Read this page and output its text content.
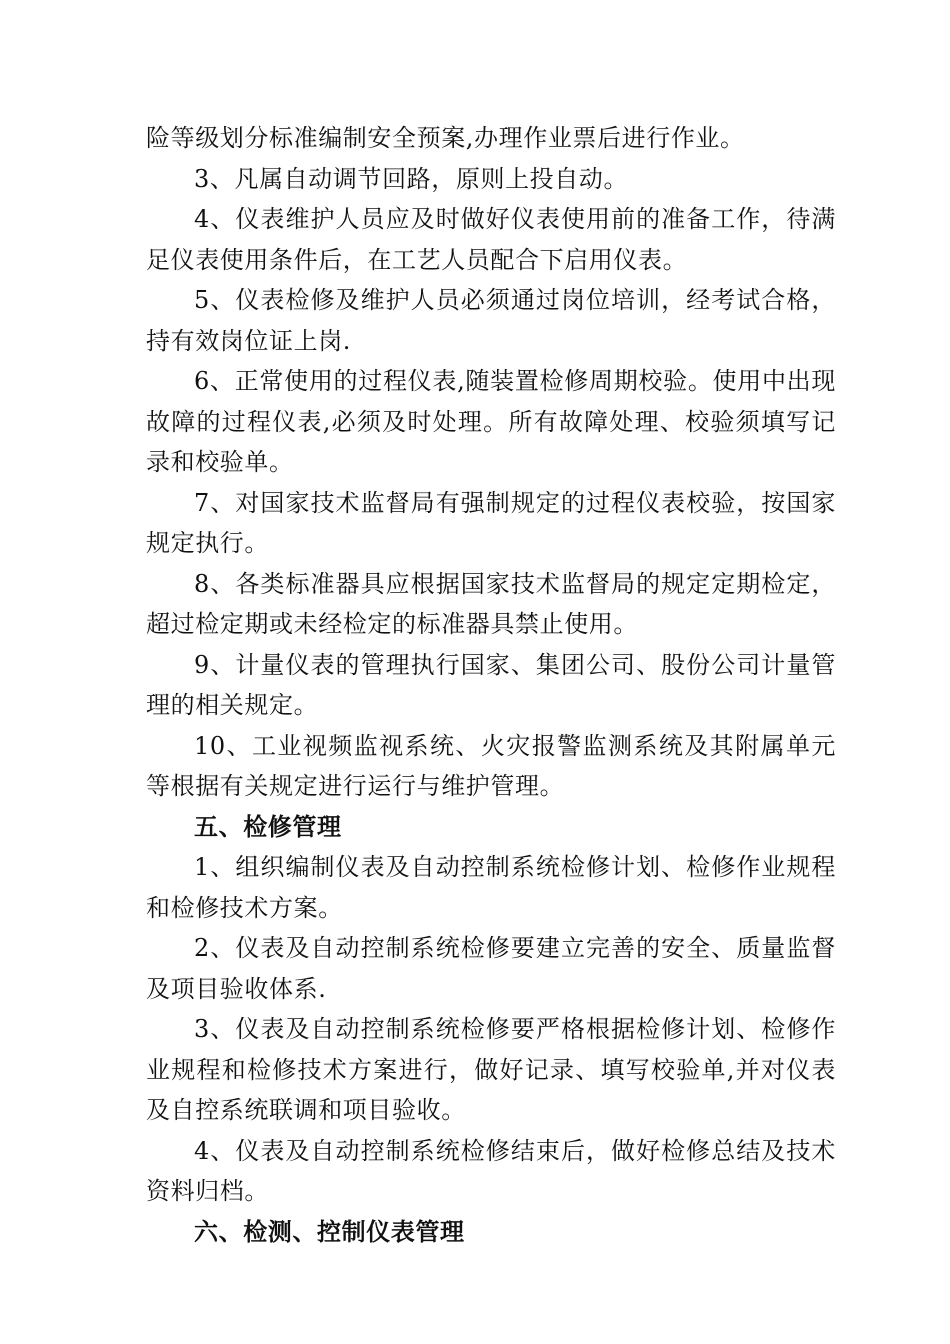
险等级划分标准编制安全预案,办理作业票后进行作业。

3、凡属自动调节回路，原则上投自动。

4、仪表维护人员应及时做好仪表使用前的准备工作，待满足仪表使用条件后，在工艺人员配合下启用仪表。

5、仪表检修及维护人员必须通过岗位培训，经考试合格，持有效岗位证上岗.

6、正常使用的过程仪表,随装置检修周期校验。使用中出现故障的过程仪表,必须及时处理。所有故障处理、校验须填写记录和校验单。

7、对国家技术监督局有强制规定的过程仪表校验，按国家规定执行。

8、各类标准器具应根据国家技术监督局的规定定期检定，超过检定期或未经检定的标准器具禁止使用。

9、计量仪表的管理执行国家、集团公司、股份公司计量管理的相关规定。

10、工业视频监视系统、火灾报警监测系统及其附属单元等根据有关规定进行运行与维护管理。

五、检修管理

1、组织编制仪表及自动控制系统检修计划、检修作业规程和检修技术方案。

2、仪表及自动控制系统检修要建立完善的安全、质量监督及项目验收体系.

3、仪表及自动控制系统检修要严格根据检修计划、检修作业规程和检修技术方案进行，做好记录、填写校验单,并对仪表及自控系统联调和项目验收。

4、仪表及自动控制系统检修结束后，做好检修总结及技术资料归档。

六、检测、控制仪表管理
